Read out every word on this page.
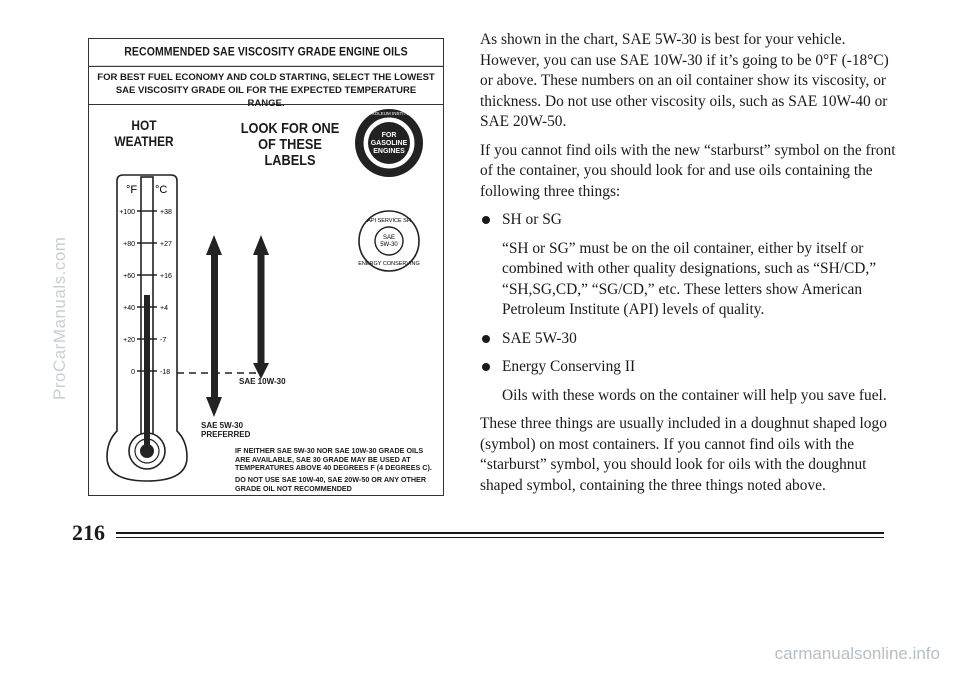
ProCarManuals.com
carmanualsonline.info
RECOMMENDED SAE VISCOSITY GRADE ENGINE OILS
FOR BEST FUEL ECONOMY AND COLD STARTING, SELECT THE LOWEST SAE VISCOSITY GRADE OIL FOR THE EXPECTED TEMPERATURE RANGE.
HOT WEATHER
LOOK FOR ONE OF THESE LABELS
°F °C
+100	+38
+80	+27
+60	+16
+40	+4
+20	-7
0	-18
FOR GASOLINE ENGINES
AMERICAN PETROLEUM INSTITUTE CERTIFIED
SAE 5W-30
API SERVICE SH
ENERGY CONSERVING
SAE 10W-30
SAE 5W-30 PREFERRED
IF NEITHER SAE 5W-30 NOR SAE 10W-30 GRADE OILS ARE AVAILABLE, SAE 30 GRADE MAY BE USED AT TEMPERATURES ABOVE 40 DEGREES F (4 DEGREES C).
DO NOT USE SAE 10W-40, SAE 20W-50 OR ANY OTHER GRADE OIL NOT RECOMMENDED

As shown in the chart, SAE 5W-30 is best for your vehicle. However, you can use SAE 10W-30 if it’s going to be 0°F (-18°C) or above. These numbers on an oil container show its viscosity, or thickness. Do not use other viscosity oils, such as SAE 10W-40 or SAE 20W-50.

If you cannot find oils with the new “starburst” symbol on the front of the container, you should look for and use oils containing the following three things:

SH or SG
“SH or SG” must be on the oil container, either by itself or combined with other quality designations, such as “SH/CD,” “SH,SG,CD,” “SG/CD,” etc. These letters show American Petroleum Institute (API) levels of quality.
SAE 5W-30
Energy Conserving II
Oils with these words on the container will help you save fuel.

These three things are usually included in a doughnut shaped logo (symbol) on most containers. If you cannot find oils with the “starburst” symbol, you should look for oils with the doughnut shaped symbol, containing the three things noted above.

216
